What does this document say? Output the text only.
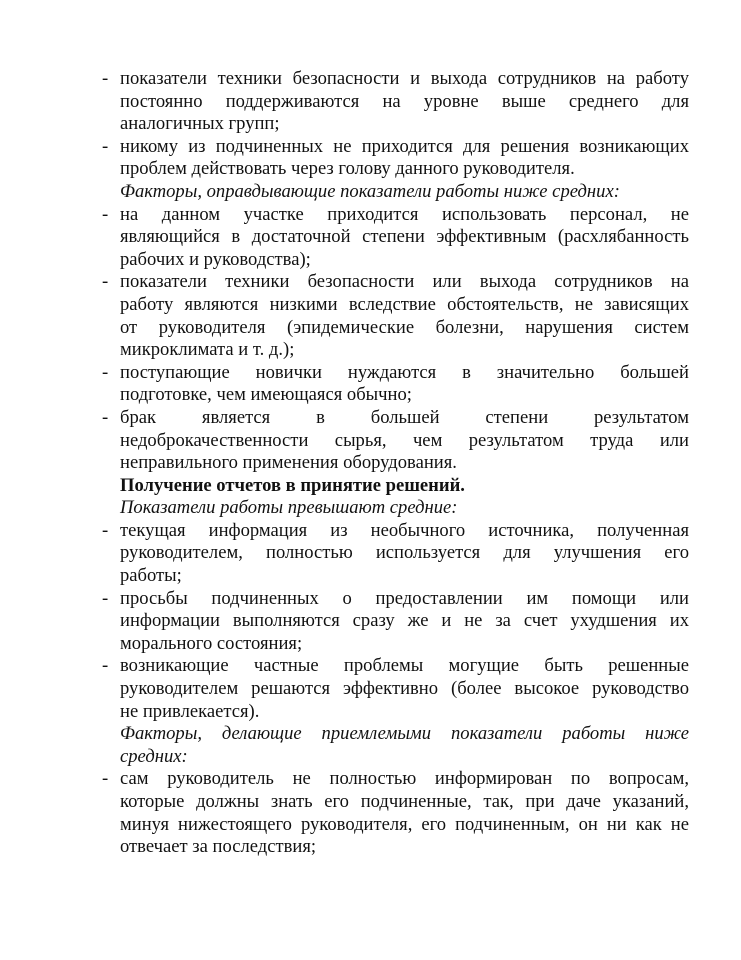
- показатели техники безопасности и выхода сотрудников на работу
постоянно поддерживаются на уровне выше среднего для
аналогичных групп;
- никому из подчиненных не приходится для решения возникающих
проблем действовать через голову данного руководителя.
Факторы, оправдывающие показатели работы ниже средних:
- на данном участке приходится использовать персонал, не
являющийся в достаточной степени эффективным (расхлябанность
рабочих и руководства);
- показатели техники безопасности или выхода сотрудников на
работу являются низкими вследствие обстоятельств, не зависящих
от руководителя (эпидемические болезни, нарушения систем
микроклимата и т. д.);
- поступающие новички нуждаются в значительно большей
подготовке, чем имеющаяся обычно;
- брак является в большей степени результатом
недоброкачественности сырья, чем результатом труда или
неправильного применения оборудования.
Получение отчетов в принятие решений.
Показатели работы превышают средние:
- текущая информация из необычного источника, полученная
руководителем, полностью используется для улучшения его
работы;
- просьбы подчиненных о предоставлении им помощи или
информации выполняются сразу же и не за счет ухудшения их
морального состояния;
- возникающие частные проблемы могущие быть решенные
руководителем решаются эффективно (более высокое руководство
не привлекается).
Факторы, делающие приемлемыми показатели работы ниже
средних:
- сам руководитель не полностью информирован по вопросам,
которые должны знать его подчиненные, так, при даче указаний,
минуя нижестоящего руководителя, его подчиненным, он ни как не
отвечает за последствия;
